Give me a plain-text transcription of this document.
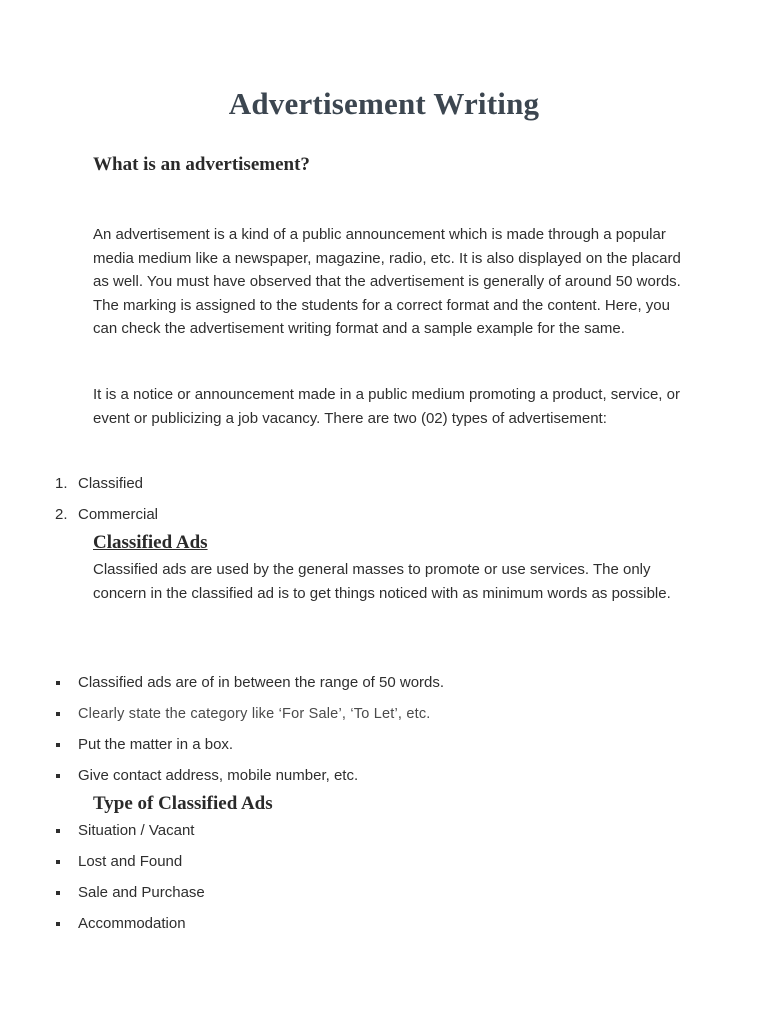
Advertisement Writing
What is an advertisement?

An advertisement is a kind of a public announcement which is made through a popular media medium like a newspaper, magazine, radio, etc. It is also displayed on the placard as well. You must have observed that the advertisement is generally of around 50 words. The marking is assigned to the students for a correct format and the content. Here, you can check the advertisement writing format and a sample example for the same.

It is a notice or announcement made in a public medium promoting a product, service, or event or publicizing a job vacancy. There are two (02) types of advertisement:

1. Classified
2. Commercial
Classified Ads

Classified ads are used by the general masses to promote or use services. The only concern in the classified ad is to get things noticed with as minimum words as possible.

Classified ads are of in between the range of 50 words.
Clearly state the category like ‘For Sale’, ‘To Let’, etc.
Put the matter in a box.
Give contact address, mobile number, etc.
Type of Classified Ads
Situation / Vacant
Lost and Found
Sale and Purchase
Accommodation
